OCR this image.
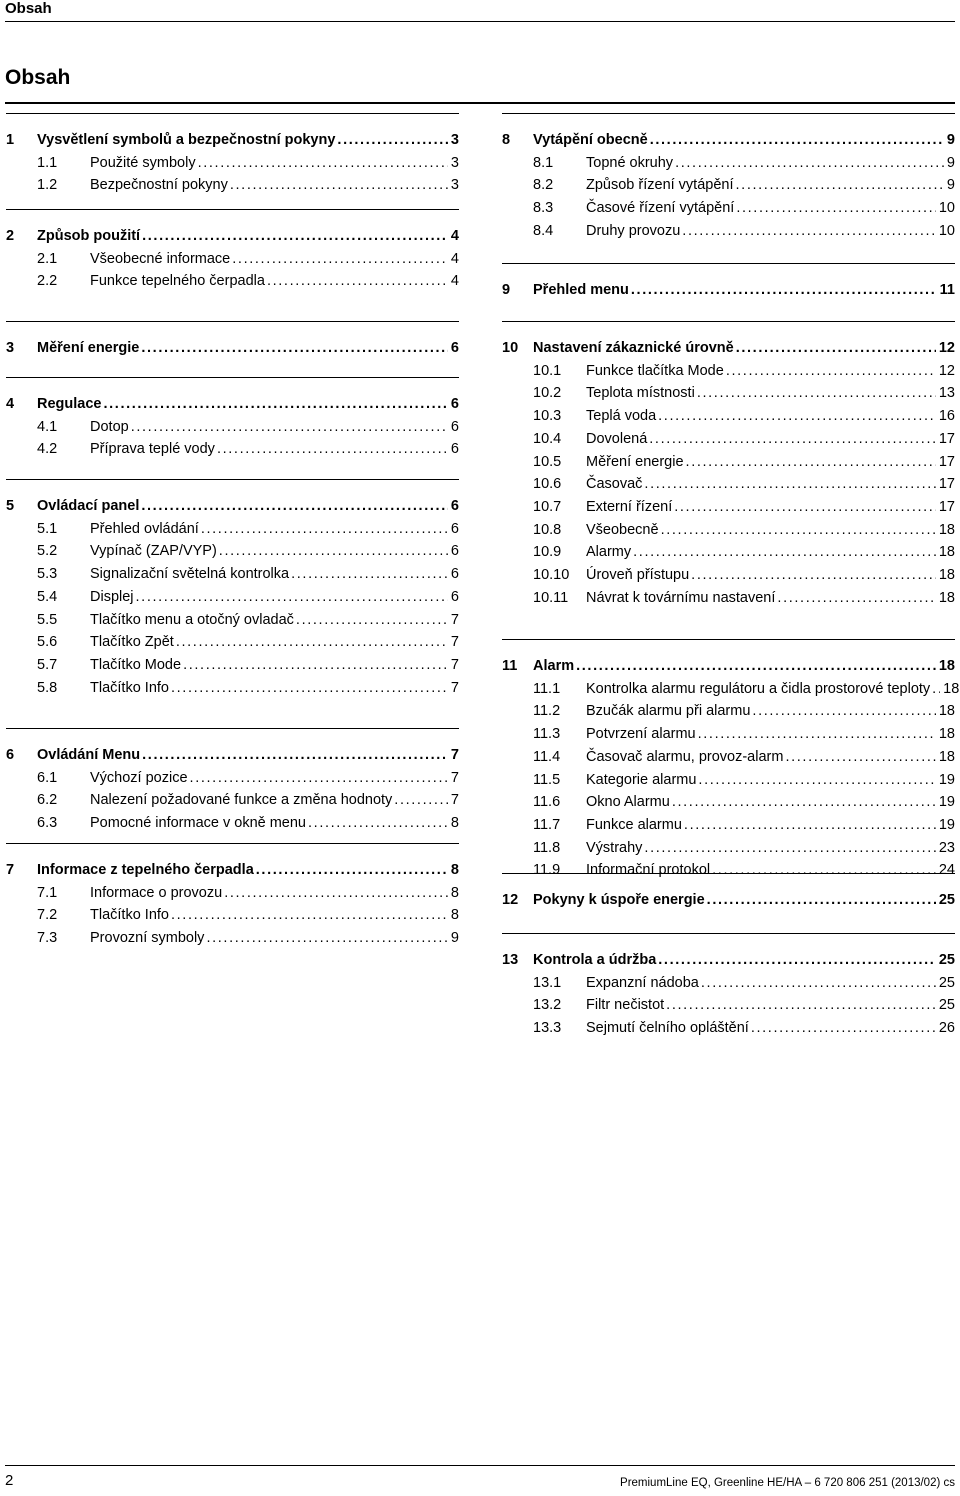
Obsah
Obsah
1	Vysvětlení symbolů a bezpečnostní pokyny . . .	3
1.1	Použité symboly . . .	3
1.2	Bezpečnostní pokyny . . .	3
2	Způsob použití . . .	4
2.1	Všeobecné informace . . .	4
2.2	Funkce tepelného čerpadla . . .	4
3	Měření energie . . .	6
4	Regulace . . .	6
4.1	Dotop . . .	6
4.2	Příprava teplé vody . . .	6
5	Ovládací panel . . .	6
5.1	Přehled ovládání . . .	6
5.2	Vypínač (ZAP/VYP) . . .	6
5.3	Signalizační světelná kontrolka . . .	6
5.4	Displej . . .	6
5.5	Tlačítko menu a otočný ovladač . . .	7
5.6	Tlačítko Zpět . . .	7
5.7	Tlačítko Mode . . .	7
5.8	Tlačítko Info . . .	7
6	Ovládání Menu . . .	7
6.1	Výchozí pozice . . .	7
6.2	Nalezení požadované funkce a změna hodnoty . . .	7
6.3	Pomocné informace v okně menu . . .	8
7	Informace z tepelného čerpadla . . .	8
7.1	Informace o provozu . . .	8
7.2	Tlačítko Info . . .	8
7.3	Provozní symboly . . .	9
8	Vytápění obecně . . .	9
8.1	Topné okruhy . . .	9
8.2	Způsob řízení vytápění . . .	9
8.3	Časové řízení vytápění . . .	10
8.4	Druhy provozu . . .	10
9	Přehled menu . . .	11
10	Nastavení zákaznické úrovně . . .	12
10.1	Funkce tlačítka Mode . . .	12
10.2	Teplota místnosti . . .	13
10.3	Teplá voda . . .	16
10.4	Dovolená . . .	17
10.5	Měření energie . . .	17
10.6	Časovač . . .	17
10.7	Externí řízení . . .	17
10.8	Všeobecně . . .	18
10.9	Alarmy . . .	18
10.10	Úroveň přístupu . . .	18
10.11	Návrat k továrnímu nastavení . . .	18
11	Alarm . . .	18
11.1	Kontrolka alarmu regulátoru a čidla prostorové teploty . . . 18
11.2	Bzučák alarmu při alarmu . . .	18
11.3	Potvrzení alarmu . . .	18
11.4	Časovač alarmu, provoz-alarm . . .	18
11.5	Kategorie alarmu . . .	19
11.6	Okno Alarmu . . .	19
11.7	Funkce alarmu . . .	19
11.8	Výstrahy . . .	23
11.9	Informační protokol . . .	24
12	Pokyny k úspoře energie . . .	25
13	Kontrola a údržba . . .	25
13.1	Expanzní nádoba . . .	25
13.2	Filtr nečistot . . .	25
13.3	Sejmutí čelního opláštění . . .	26
2	PremiumLine EQ, Greenline HE/HA – 6 720 806 251 (2013/02) cs
